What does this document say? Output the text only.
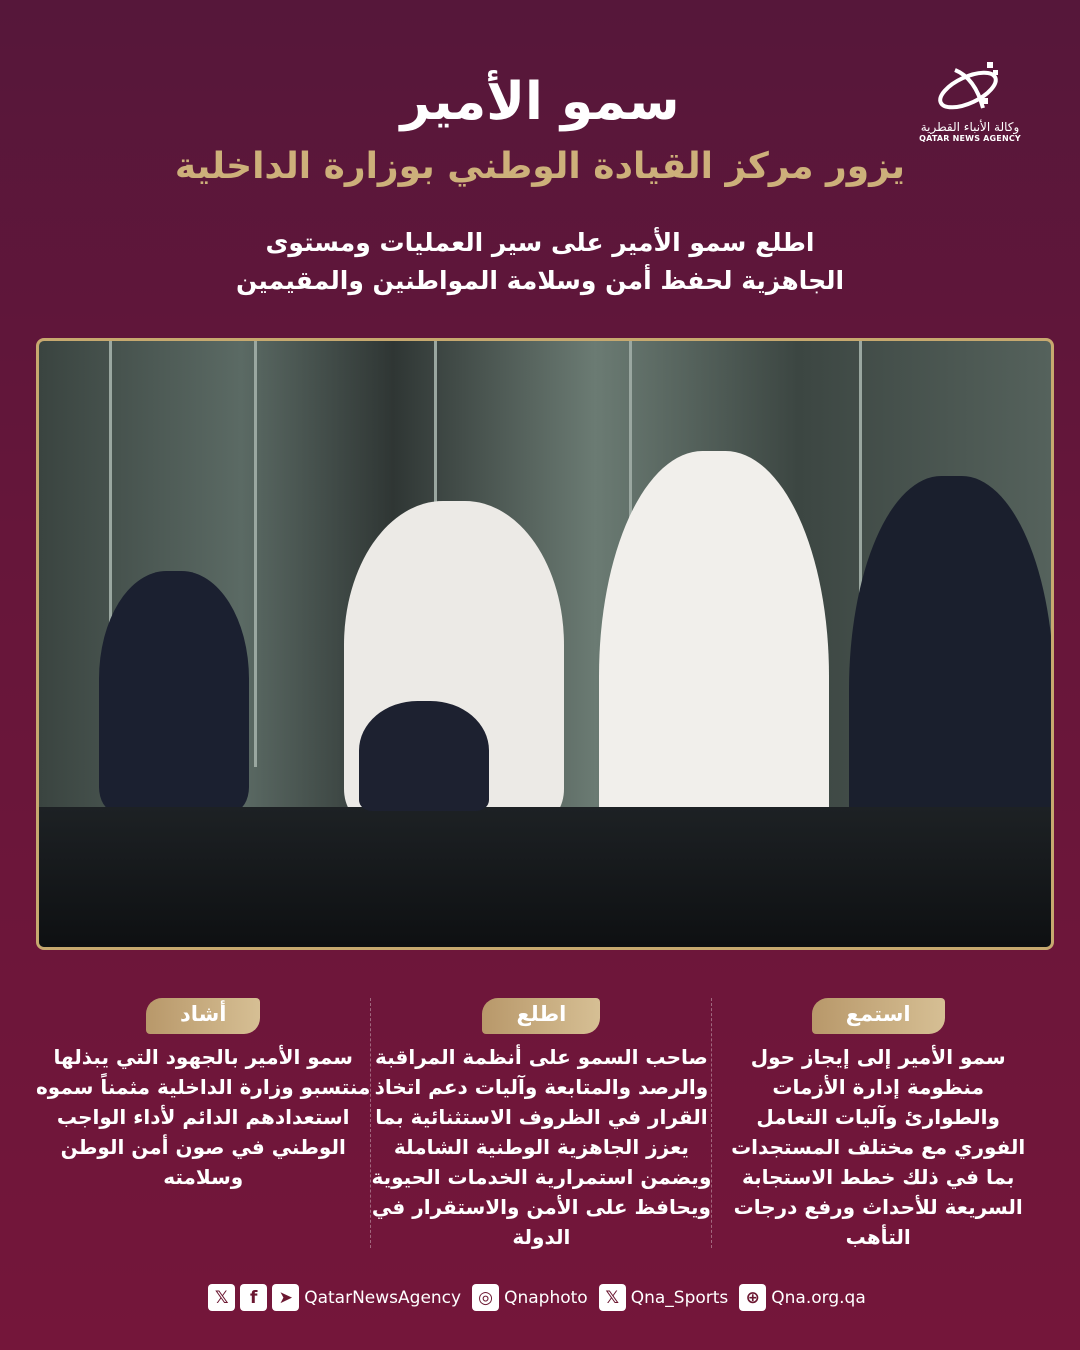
وكالة الأنباء القطرية
QATAR NEWS AGENCY
سمو الأمير
يزور مركز القيادة الوطني بوزارة الداخلية
اطلع سمو الأمير على سير العمليات ومستوى
الجاهزية لحفظ أمن وسلامة المواطنين والمقيمين
استمع
سمو الأمير إلى إيجاز حول
منظومة إدارة الأزمات
والطوارئ وآليات التعامل
الفوري مع مختلف المستجدات
بما في ذلك خطط الاستجابة
السريعة للأحداث ورفع درجات
التأهب
اطلع
صاحب السمو على أنظمة المراقبة
والرصد والمتابعة وآليات دعم اتخاذ
القرار في الظروف الاستثنائية بما
يعزز الجاهزية الوطنية الشاملة
ويضمن استمرارية الخدمات الحيوية
ويحافظ على الأمن والاستقرار في
الدولة
أشاد
سمو الأمير بالجهود التي يبذلها
منتسبو وزارة الداخلية مثمناً سموه
استعدادهم الدائم لأداء الواجب
الوطني في صون أمن الوطن
وسلامته
𝕏	f	➤ QatarNewsAgency	◎ Qnaphoto	𝕏 Qna_Sports	⊕ Qna.org.qa
